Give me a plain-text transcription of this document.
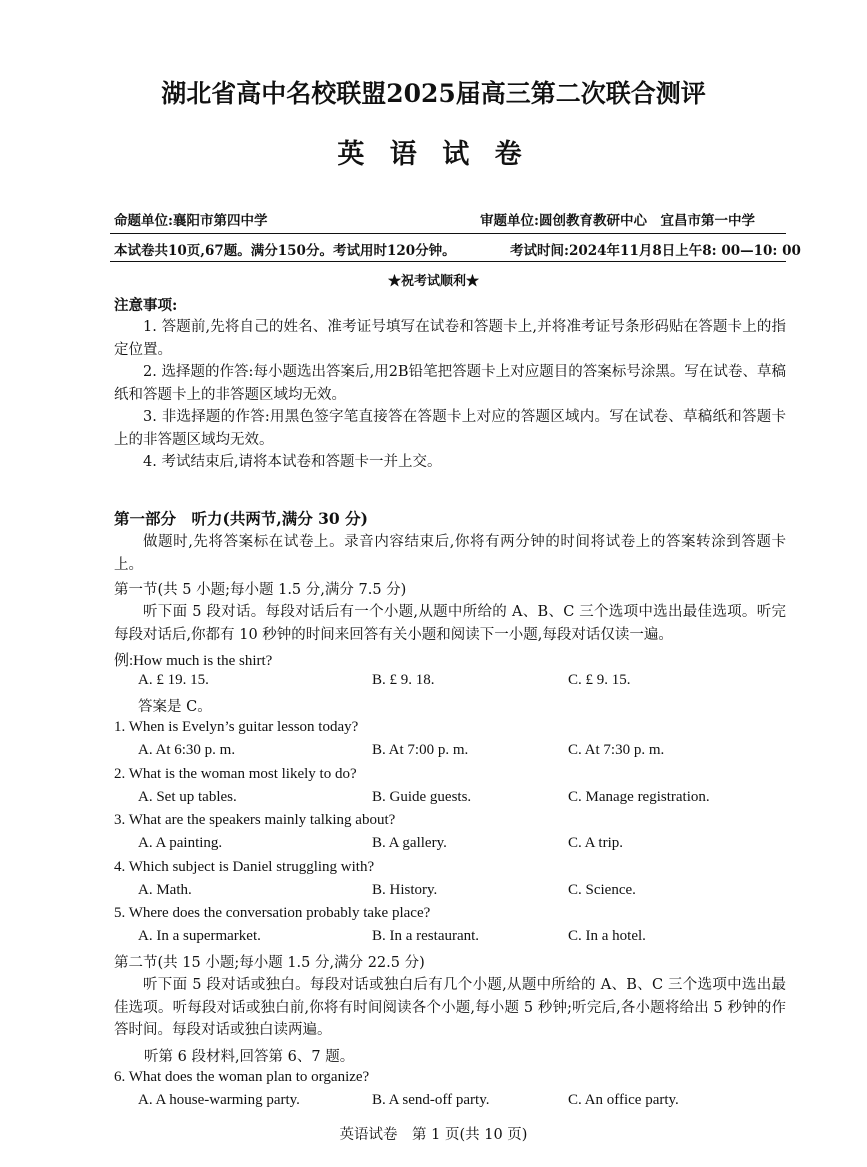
湖北省高中名校联盟2025届高三第二次联合测评
英 语 试 卷
命题单位:襄阳市第四中学	审题单位:圆创教育教研中心　宜昌市第一中学
本试卷共10页,67题。满分150分。考试用时120分钟。	考试时间:2024年11月8日上午8: 00—10: 00
★祝考试顺利★
注意事项:
1. 答题前,先将自己的姓名、准考证号填写在试卷和答题卡上,并将准考证号条形码贴在答题卡上的指定位置。
2. 选择题的作答:每小题选出答案后,用2B铅笔把答题卡上对应题目的答案标号涂黑。写在试卷、草稿纸和答题卡上的非答题区域均无效。
3. 非选择题的作答:用黑色签字笔直接答在答题卡上对应的答题区域内。写在试卷、草稿纸和答题卡上的非答题区域均无效。
4. 考试结束后,请将本试卷和答题卡一并上交。
第一部分　听力(共两节,满分 30 分)
做题时,先将答案标在试卷上。录音内容结束后,你将有两分钟的时间将试卷上的答案转涂到答题卡上。
第一节(共 5 小题;每小题 1.5 分,满分 7.5 分)
听下面 5 段对话。每段对话后有一个小题,从题中所给的 A、B、C 三个选项中选出最佳选项。听完每段对话后,你都有 10 秒钟的时间来回答有关小题和阅读下一小题,每段对话仅读一遍。
例:How much is the shirt?
A. £ 19. 15.	B. £ 9. 18.	C. £ 9. 15.
答案是 C。
1. When is Evelyn’s guitar lesson today?
A. At 6:30 p. m.	B. At 7:00 p. m.	C. At 7:30 p. m.
2. What is the woman most likely to do?
A. Set up tables.	B. Guide guests.	C. Manage registration.
3. What are the speakers mainly talking about?
A. A painting.	B. A gallery.	C. A trip.
4. Which subject is Daniel struggling with?
A. Math.	B. History.	C. Science.
5. Where does the conversation probably take place?
A. In a supermarket.	B. In a restaurant.	C. In a hotel.
第二节(共 15 小题;每小题 1.5 分,满分 22.5 分)
听下面 5 段对话或独白。每段对话或独白后有几个小题,从题中所给的 A、B、C 三个选项中选出最佳选项。听每段对话或独白前,你将有时间阅读各个小题,每小题 5 秒钟;听完后,各小题将给出 5 秒钟的作答时间。每段对话或独白读两遍。
听第 6 段材料,回答第 6、7 题。
6. What does the woman plan to organize?
A. A house-warming party.	B. A send-off party.	C. An office party.
英语试卷　第 1 页(共 10 页)
